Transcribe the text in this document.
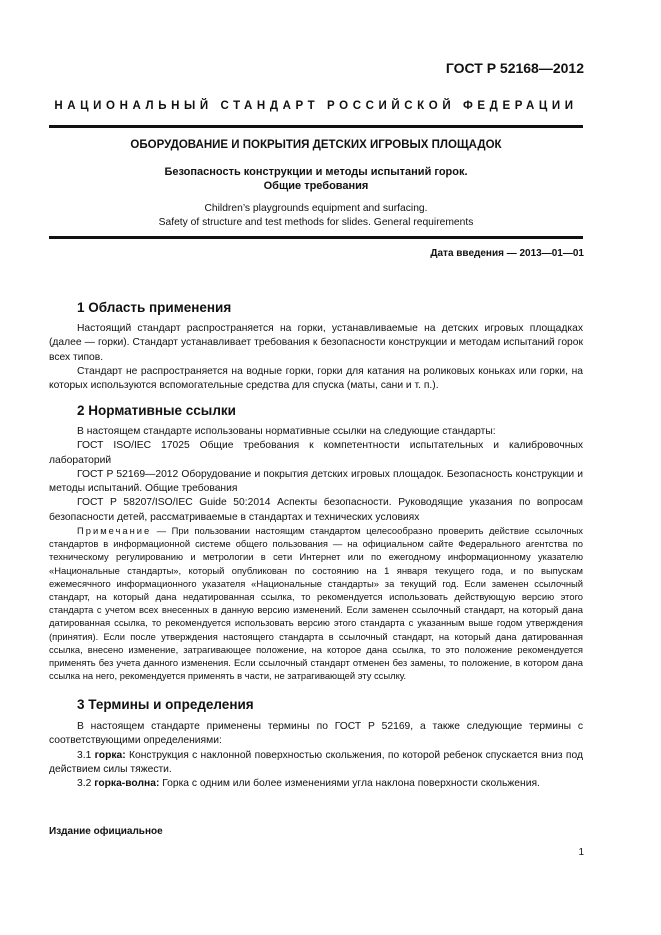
ГОСТ Р 52168—2012
НАЦИОНАЛЬНЫЙ СТАНДАРТ РОССИЙСКОЙ ФЕДЕРАЦИИ
ОБОРУДОВАНИЕ И ПОКРЫТИЯ ДЕТСКИХ ИГРОВЫХ ПЛОЩАДОК
Безопасность конструкции и методы испытаний горок.
Общие требования
Children’s playgrounds equipment and surfacing.
Safety of structure and test methods for slides. General requirements
Дата введения — 2013—01—01
1 Область применения

Настоящий стандарт распространяется на горки, устанавливаемые на детских игровых площадках (далее — горки). Стандарт устанавливает требования к безопасности конструкции и методам испытаний горок всех типов.

Стандарт не распространяется на водные горки, горки для катания на роликовых коньках или горки, на которых используются вспомогательные средства для спуска (маты, сани и т. п.).

2 Нормативные ссылки

В настоящем стандарте использованы нормативные ссылки на следующие стандарты:

ГОСТ ISO/IEC 17025 Общие требования к компетентности испытательных и калибровочных лабораторий

ГОСТ Р 52169—2012 Оборудование и покрытия детских игровых площадок. Безопасность конструкции и методы испытаний. Общие требования

ГОСТ Р 58207/ISO/IEC Guide 50:2014 Аспекты безопасности. Руководящие указания по вопросам безопасности детей, рассматриваемые в стандартах и технических условиях

Примечание — При пользовании настоящим стандартом целесообразно проверить действие ссылочных стандартов в информационной системе общего пользования — на официальном сайте Федерального агентства по техническому регулированию и метрологии в сети Интернет или по ежегодному информационному указателю «Национальные стандарты», который опубликован по состоянию на 1 января текущего года, и по выпускам ежемесячного информационного указателя «Национальные стандарты» за текущий год. Если заменен ссылочный стандарт, на который дана недатированная ссылка, то рекомендуется использовать действующую версию этого стандарта с учетом всех внесенных в данную версию изменений. Если заменен ссылочный стандарт, на который дана датированная ссылка, то рекомендуется использовать версию этого стандарта с указанным выше годом утверждения (принятия). Если после утверждения настоящего стандарта в ссылочный стандарт, на который дана датированная ссылка, внесено изменение, затрагивающее положение, на которое дана ссылка, то это положение рекомендуется применять без учета данного изменения. Если ссылочный стандарт отменен без замены, то положение, в котором дана ссылка на него, рекомендуется применять в части, не затрагивающей эту ссылку.

3 Термины и определения

В настоящем стандарте применены термины по ГОСТ Р 52169, а также следующие термины с соответствующими определениями:

3.1 горка: Конструкция с наклонной поверхностью скольжения, по которой ребенок спускается вниз под действием силы тяжести.

3.2 горка-волна: Горка с одним или более изменениями угла наклона поверхности скольжения.

Издание официальное
1
